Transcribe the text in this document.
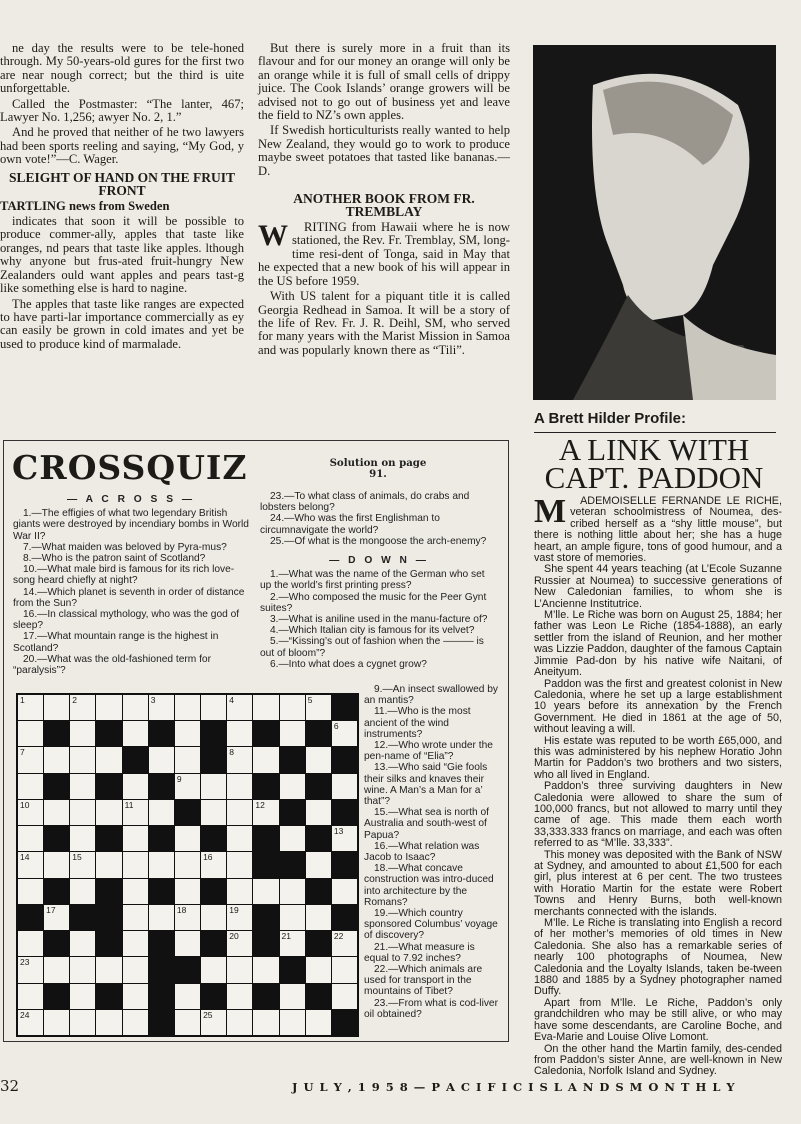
ne day the results were to be tele-honed through. My 50-years-old gures for the first two are near nough correct; but the third is uite unforgettable.

Called the Postmaster: “The lanter, 467; Lawyer No. 1,256; awyer No. 2, 1.”

And he proved that neither of he two lawyers had been sports reeling and saying, “My God, y own vote!”—C. Wager.

SLEIGHT OF HAND ON THE FRUIT FRONT

TARTLING news from Sweden

indicates that soon it will be possible to produce commer-ally, apples that taste like oranges, nd pears that taste like apples. lthough why anyone but frus-ated fruit-hungry New Zealanders ould want apples and pears tast-g like something else is hard to nagine.

The apples that taste like ranges are expected to have parti-lar importance commercially as ey can easily be grown in cold imates and yet be used to produce kind of marmalade.

But there is surely more in a fruit than its flavour and for our money an orange will only be an orange while it is full of small cells of drippy juice. The Cook Islands’ orange growers will be advised not to go out of business yet and leave the field to NZ’s own apples.

If Swedish horticulturists really wanted to help New Zealand, they would go to work to produce maybe sweet potatoes that tasted like bananas.—D.

ANOTHER BOOK FROM FR. TREMBLAY
W	RITING from Hawaii where he is now stationed, the Rev. Fr. Tremblay, SM, long-time resi-dent of Tonga, said in May that he expected that a new book of his will appear in the US before 1959.

With US talent for a piquant title it is called Georgia Redhead in Samoa. It will be a story of the life of Rev. Fr. J. R. Deihl, SM, who served for many years with the Marist Mission in Samoa and was popularly known there as “Tili”.

A Brett Hilder Profile:
A LINK WITH CAPT. PADDON
M	ADEMOISELLE FERNANDE LE RICHE, veteran schoolmistress of Noumea, des-cribed herself as a “shy little mouse”, but there is nothing little about her; she has a huge heart, an ample figure, tons of good humour, and a vast store of memories.

She spent 44 years teaching (at L’Ecole Suzanne Russier at Noumea) to successive generations of New Caledonian families, to whom she is L’Ancienne Institutrice.

M’lle. Le Riche was born on August 25, 1884; her father was Leon Le Riche (1854-1888), an early settler from the island of Reunion, and her mother was Lizzie Paddon, daughter of the famous Captain Jimmie Pad-don by his native wife Naitani, of Aneityum.

Paddon was the first and greatest colonist in New Caledonia, where he set up a large establishment 10 years before its annexation by the French Government. He died in 1861 at the age of 50, without leaving a will.

His estate was reputed to be worth £65,000, and this was administered by his nephew Horatio John Martin for Paddon’s two brothers and two sisters, who all lived in England.

Paddon’s three surviving daughters in New Caledonia were allowed to share the sum of 100,000 francs, but not allowed to marry until they came of age. This made them each worth 33,333.333 francs on marriage, and each was often referred to as “M’lle. 33,333”.

This money was deposited with the Bank of NSW at Sydney, and amounted to about £1,500 for each girl, plus interest at 6 per cent. The two trustees with Horatio Martin for the estate were Robert Towns and Henry Burns, both well-known merchants connected with the islands.

M’lle. Le Riche is translating into English a record of her mother’s memories of old times in New Caledonia. She also has a remarkable series of nearly 100 photographs of Noumea, New Caledonia and the Loyalty Islands, taken be-tween 1880 and 1885 by a Sydney photographer named Duffy.

Apart from M’lle. Le Riche, Paddon’s only grandchildren who may be still alive, or who may have some descendants, are Caroline Boche, and Eva-Marie and Louise Olive Lomont.

On the other hand the Martin family, des-cended from Paddon’s sister Anne, are well-known in New Caledonia, Norfolk Island and Sydney.

CROSSQUIZ	Solution on page 91.

— A C R O S S —

1.—The effigies of what two legendary British giants were destroyed by incendiary bombs in World War II?

7.—What maiden was beloved by Pyra-mus?

8.—Who is the patron saint of Scotland?

10.—What male bird is famous for its rich love-song heard chiefly at night?

14.—Which planet is seventh in order of distance from the Sun?

16.—In classical mythology, who was the god of sleep?

17.—What mountain range is the highest in Scotland?

20.—What was the old-fashioned term for “paralysis”?

23.—To what class of animals, do crabs and lobsters belong?

24.—Who was the first Englishman to circumnavigate the world?

25.—Of what is the mongoose the arch-enemy?

— D O W N —

1.—What was the name of the German who set up the world’s first printing press?

2.—Who composed the music for the Peer Gynt suites?

3.—What is aniline used in the manu-facture of?

4.—Which Italian city is famous for its velvet?

5.—“Kissing’s out of fashion when the ——— is out of bloom”?

6.—Into what does a cygnet grow?

1	2	3	4	5
6
7	8
9
10	11	12
13
14	15	16
17	18	19
20	21	22
23
24	25

9.—An insect swallowed by an mantis?

11.—Who is the most ancient of the wind instruments?

12.—Who wrote under the pen-name of “Elia”?

13.—Who said “Gie fools their silks and knaves their wine. A Man’s a Man for a’ that”?

15.—What sea is north of Australia and south-west of Papua?

16.—What relation was Jacob to Isaac?

18.—What concave construction was intro-duced into architecture by the Romans?

19.—Which country sponsored Columbus’ voyage of discovery?

21.—What measure is equal to 7.92 inches?

22.—Which animals are used for transport in the mountains of Tibet?

23.—From what is cod-liver oil obtained?

32	J U L Y , 1 9 5 8 — P A C I F I C I S L A N D S M O N T H L Y
